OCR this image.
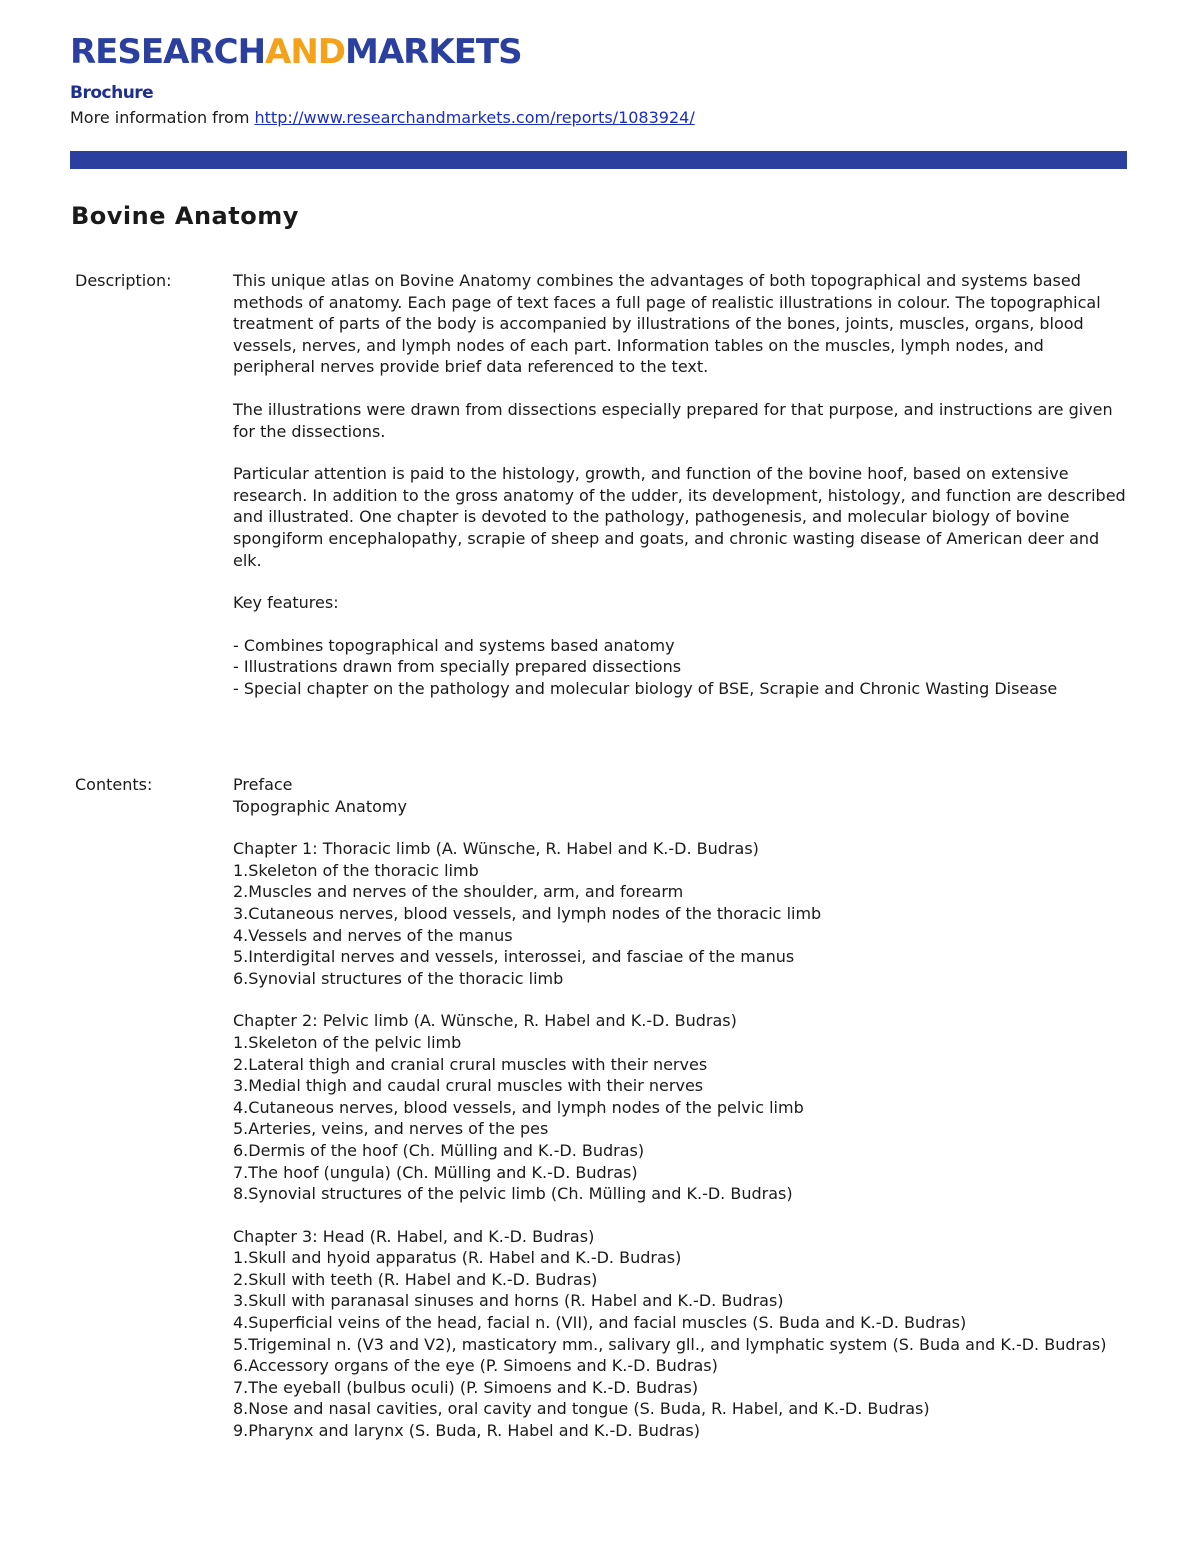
RESEARCHANDMARKETS
Brochure
More information from http://www.researchandmarkets.com/reports/1083924/
Bovine Anatomy
Description:	This unique atlas on Bovine Anatomy combines the advantages of both topographical and systems based methods of anatomy. Each page of text faces a full page of realistic illustrations in colour. The topographical treatment of parts of the body is accompanied by illustrations of the bones, joints, muscles, organs, blood vessels, nerves, and lymph nodes of each part. Information tables on the muscles, lymph nodes, and peripheral nerves provide brief data referenced to the text.

The illustrations were drawn from dissections especially prepared for that purpose, and instructions are given for the dissections.

Particular attention is paid to the histology, growth, and function of the bovine hoof, based on extensive research. In addition to the gross anatomy of the udder, its development, histology, and function are described and illustrated. One chapter is devoted to the pathology, pathogenesis, and molecular biology of bovine spongiform encephalopathy, scrapie of sheep and goats, and chronic wasting disease of American deer and elk.

Key features:

- Combines topographical and systems based anatomy

- Illustrations drawn from specially prepared dissections

- Special chapter on the pathology and molecular biology of BSE, Scrapie and Chronic Wasting Disease

Contents:	Preface

Topographic Anatomy

Chapter 1: Thoracic limb (A. Wünsche, R. Habel and K.-D. Budras)

1.Skeleton of the thoracic limb

2.Muscles and nerves of the shoulder, arm, and forearm

3.Cutaneous nerves, blood vessels, and lymph nodes of the thoracic limb

4.Vessels and nerves of the manus

5.Interdigital nerves and vessels, interossei, and fasciae of the manus

6.Synovial structures of the thoracic limb

Chapter 2: Pelvic limb (A. Wünsche, R. Habel and K.-D. Budras)

1.Skeleton of the pelvic limb

2.Lateral thigh and cranial crural muscles with their nerves

3.Medial thigh and caudal crural muscles with their nerves

4.Cutaneous nerves, blood vessels, and lymph nodes of the pelvic limb

5.Arteries, veins, and nerves of the pes

6.Dermis of the hoof (Ch. Mülling and K.-D. Budras)

7.The hoof (ungula) (Ch. Mülling and K.-D. Budras)

8.Synovial structures of the pelvic limb (Ch. Mülling and K.-D. Budras)

Chapter 3: Head (R. Habel, and K.-D. Budras)

1.Skull and hyoid apparatus (R. Habel and K.-D. Budras)

2.Skull with teeth (R. Habel and K.-D. Budras)

3.Skull with paranasal sinuses and horns (R. Habel and K.-D. Budras)

4.Superficial veins of the head, facial n. (VII), and facial muscles (S. Buda and K.-D. Budras)

5.Trigeminal n. (V3 and V2), masticatory mm., salivary gll., and lymphatic system (S. Buda and K.-D. Budras)

6.Accessory organs of the eye (P. Simoens and K.-D. Budras)

7.The eyeball (bulbus oculi) (P. Simoens and K.-D. Budras)

8.Nose and nasal cavities, oral cavity and tongue (S. Buda, R. Habel, and K.-D. Budras)

9.Pharynx and larynx (S. Buda, R. Habel and K.-D. Budras)
